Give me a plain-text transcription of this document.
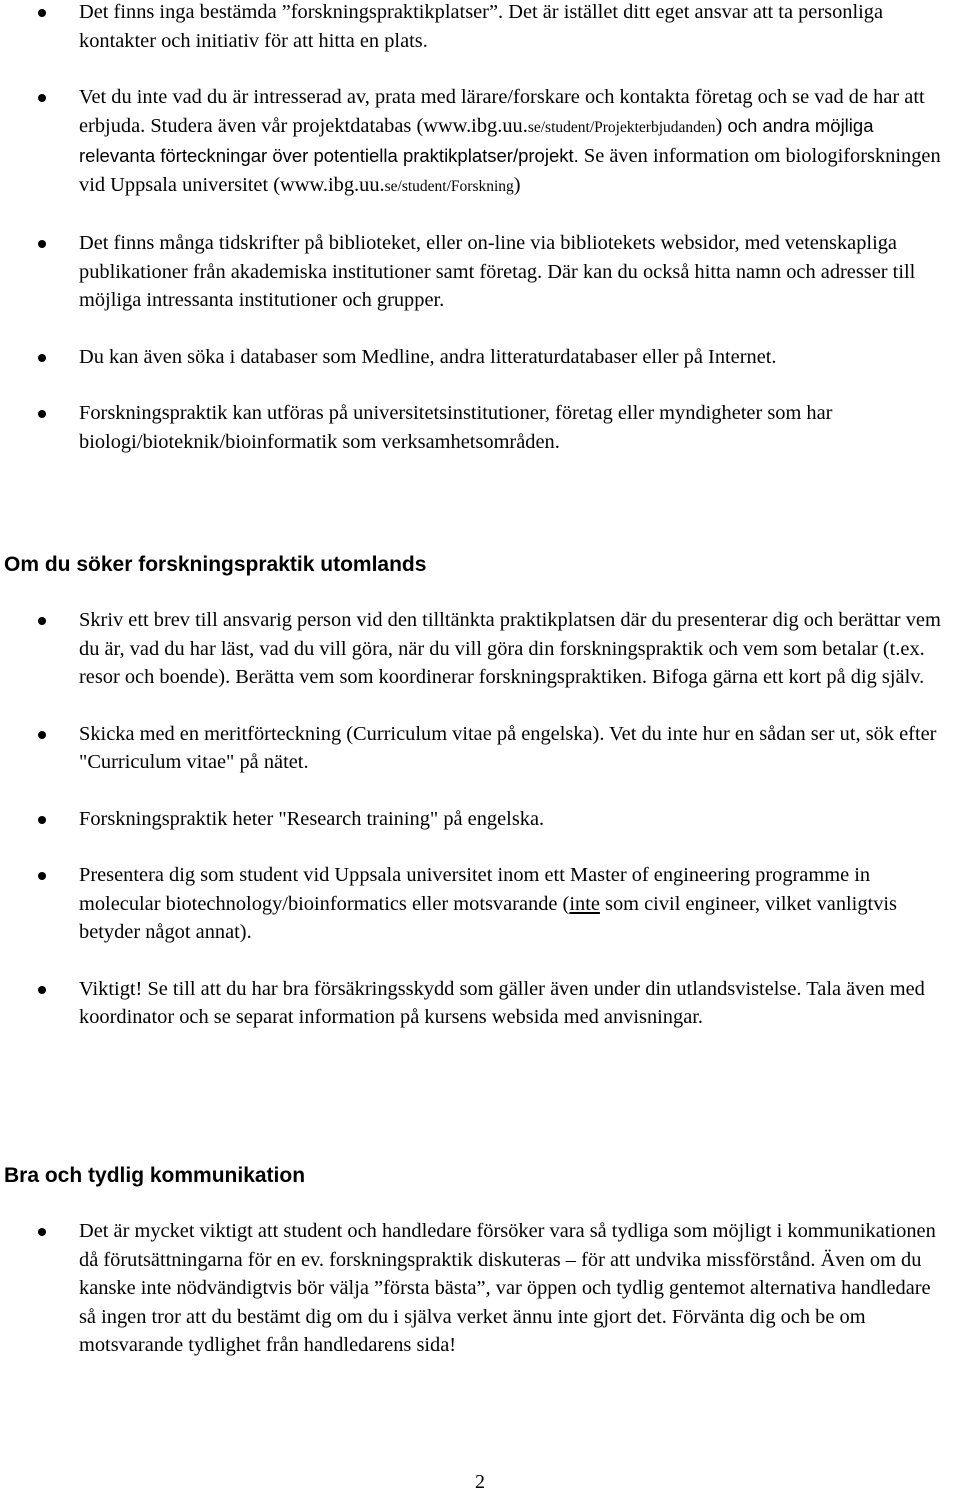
Det finns inga bestämda ”forskningspraktikplatser”. Det är istället ditt eget ansvar att ta personliga kontakter och initiativ för att hitta en plats.
Vet du inte vad du är intresserad av, prata med lärare/forskare och kontakta företag och se vad de har att erbjuda. Studera även vår projektdatabas (www.ibg.uu.se/student/Projekterbjudanden) och andra möjliga relevanta förteckningar över potentiella praktikplatser/projekt. Se även information om biologiforskningen vid Uppsala universitet (www.ibg.uu.se/student/Forskning)
Det finns många tidskrifter på biblioteket, eller on-line via bibliotekets websidor, med vetenskapliga publikationer från akademiska institutioner samt företag. Där kan du också hitta namn och adresser till möjliga intressanta institutioner och grupper.
Du kan även söka i databaser som Medline, andra litteraturdatabaser eller på Internet.
Forskningspraktik kan utföras på universitetsinstitutioner, företag eller myndigheter som har biologi/bioteknik/bioinformatik som verksamhetsområden.
Om du söker forskningspraktik utomlands
Skriv ett brev till ansvarig person vid den tilltänkta praktikplatsen där du presenterar dig och berättar vem du är, vad du har läst, vad du vill göra, när du vill göra din forskningspraktik och vem som betalar (t.ex. resor och boende). Berätta vem som koordinerar forskningspraktiken. Bifoga gärna ett kort på dig själv.
Skicka med en meritförteckning (Curriculum vitae på engelska). Vet du inte hur en sådan ser ut, sök efter "Curriculum vitae" på nätet.
Forskningspraktik heter "Research training" på engelska.
Presentera dig som student vid Uppsala universitet inom ett Master of engineering programme in molecular biotechnology/bioinformatics eller motsvarande (inte som civil engineer, vilket vanligtvis betyder något annat).
Viktigt! Se till att du har bra försäkringsskydd som gäller även under din utlandsvistelse. Tala även med koordinator och se separat information på kursens websida med anvisningar.
Bra och tydlig kommunikation
Det är mycket viktigt att student och handledare försöker vara så tydliga som möjligt i kommunikationen då förutsättningarna för en ev. forskningspraktik diskuteras – för att undvika missförstånd. Även om du kanske inte nödvändigtvis bör välja ”första bästa”, var öppen och tydlig gentemot alternativa handledare så ingen tror att du bestämt dig om du i själva verket ännu inte gjort det. Förvänta dig och be om motsvarande tydlighet från handledarens sida!
2
